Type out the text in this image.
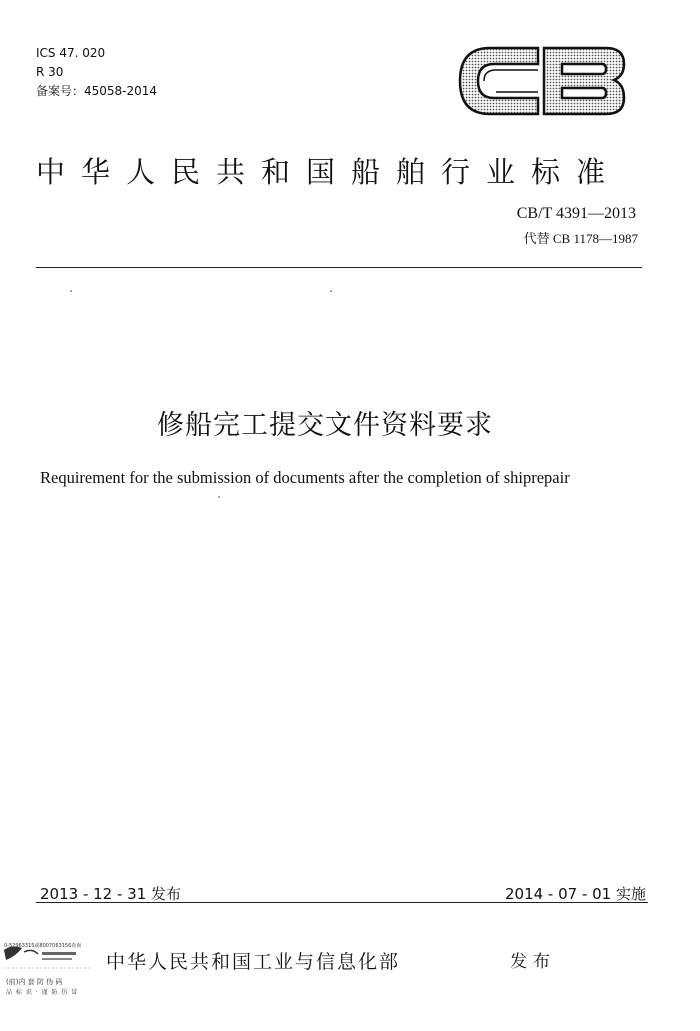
ICS 47. 020
R 30
备案号：45058-2014
中华人民共和国船舶行业标准
CB/T 4391—2013
代替 CB 1178—1987
修船完工提交文件资料要求
Requirement for the submission of documents after the completion of shiprepair
2013 - 12 - 31 发布	2014 - 07 - 01 实施
0-52963315或8007063156查询
(前)内 套 防 伪 码
品 标 识 · 谨 防 仿 冒
中华人民共和国工业与信息化部	发布
